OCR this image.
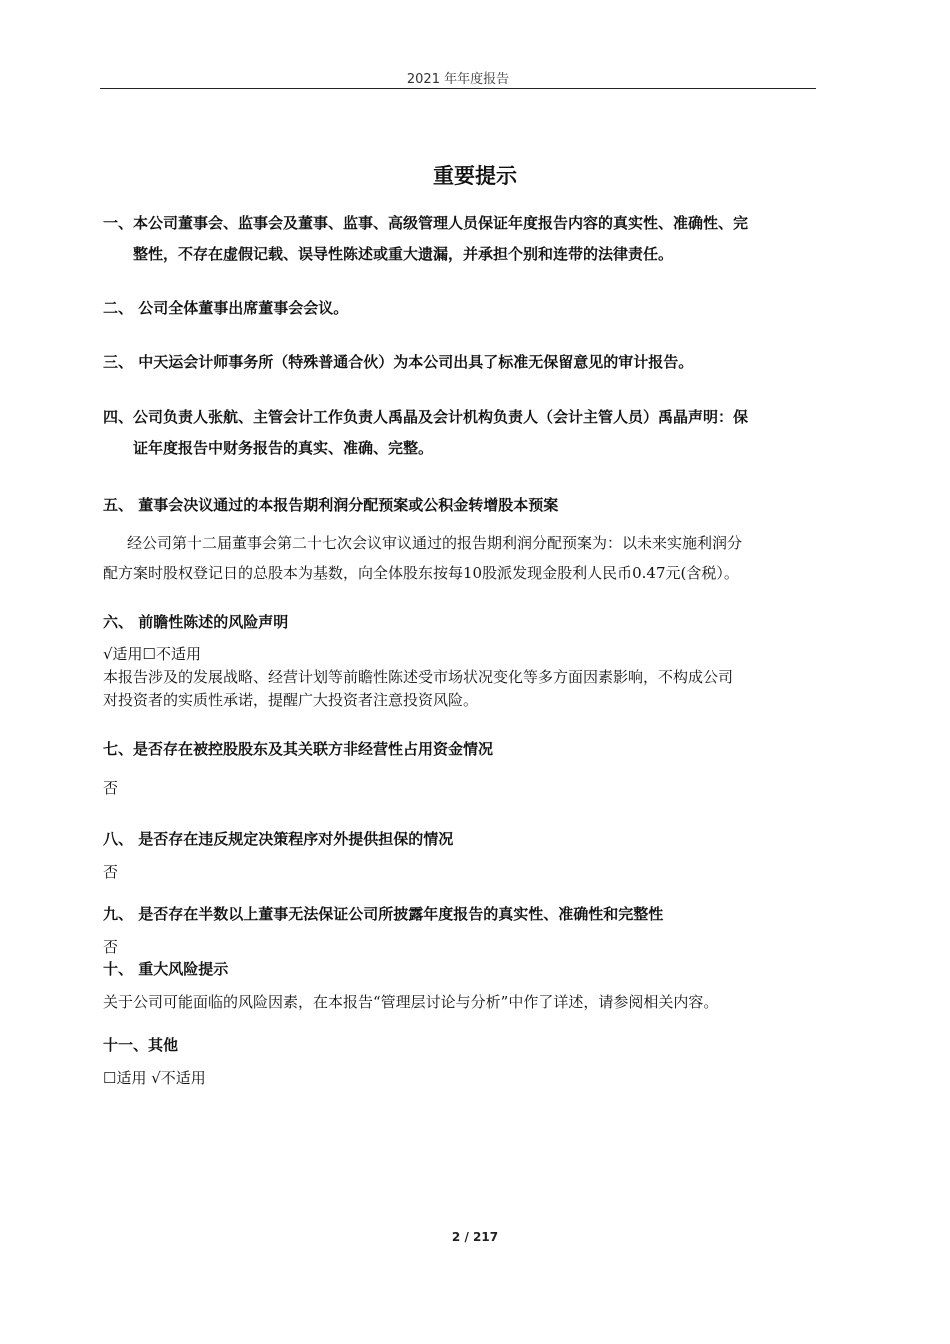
2021 年年度报告
重要提示
一、本公司董事会、监事会及董事、监事、高级管理人员保证年度报告内容的真实性、准确性、完
整性，不存在虚假记载、误导性陈述或重大遗漏，并承担个别和连带的法律责任。
二、 公司全体董事出席董事会会议。
三、 中天运会计师事务所（特殊普通合伙）为本公司出具了标准无保留意见的审计报告。
四、公司负责人张航、主管会计工作负责人禹晶及会计机构负责人（会计主管人员）禹晶声明：保
证年度报告中财务报告的真实、准确、完整。
五、 董事会决议通过的本报告期利润分配预案或公积金转增股本预案
经公司第十二届董事会第二十七次会议审议通过的报告期利润分配预案为：以未来实施利润分
配方案时股权登记日的总股本为基数，向全体股东按每10股派发现金股利人民币0.47元(含税）。
六、 前瞻性陈述的风险声明
√适用☐不适用
本报告涉及的发展战略、经营计划等前瞻性陈述受市场状况变化等多方面因素影响，不构成公司
对投资者的实质性承诺，提醒广大投资者注意投资风险。
七、是否存在被控股股东及其关联方非经营性占用资金情况
否
八、 是否存在违反规定决策程序对外提供担保的情况
否
九、 是否存在半数以上董事无法保证公司所披露年度报告的真实性、准确性和完整性
否
十、 重大风险提示
关于公司可能面临的风险因素，在本报告“管理层讨论与分析”中作了详述，请参阅相关内容。
十一、其他
☐适用 √不适用
2 / 217
